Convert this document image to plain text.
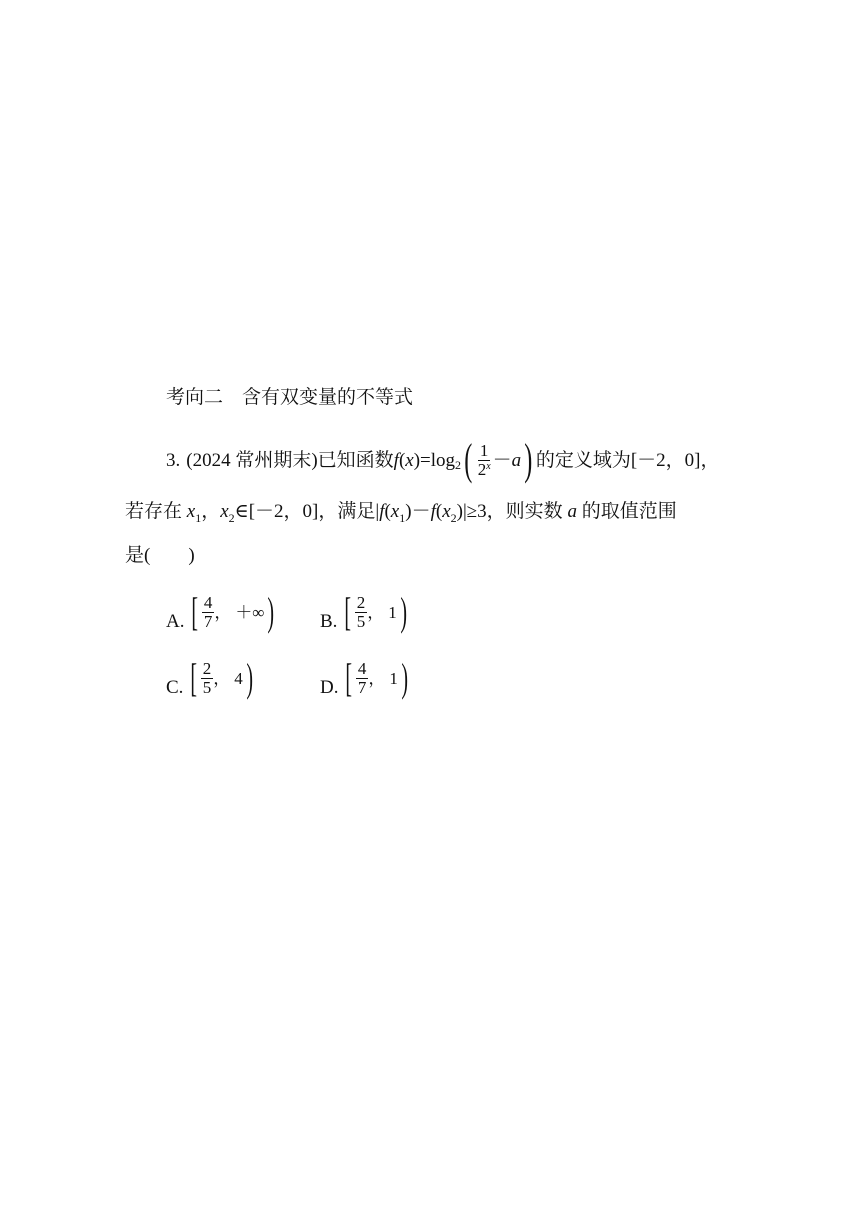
考向二　含有双变量的不等式
3. (2024 常州期末) 已知函数 f ( x ) =log 2 ( $\frac{1}{2^x} - a$ ) 的定义域为[－2，0]，
若存在 $x_1$，$x_2\in[-2$，0]，满足$|f(x_1)-f(x_2)|\ge 3$，则实数 a 的取值范围
是(　　)
A. [ $\frac{4}{7}$ ， ＋∞ ) B. [ $\frac{2}{5}$ ， 1 )
C. [ $\frac{2}{5}$ ， 4 )	D. [ $\frac{4}{7}$ ， 1 )
